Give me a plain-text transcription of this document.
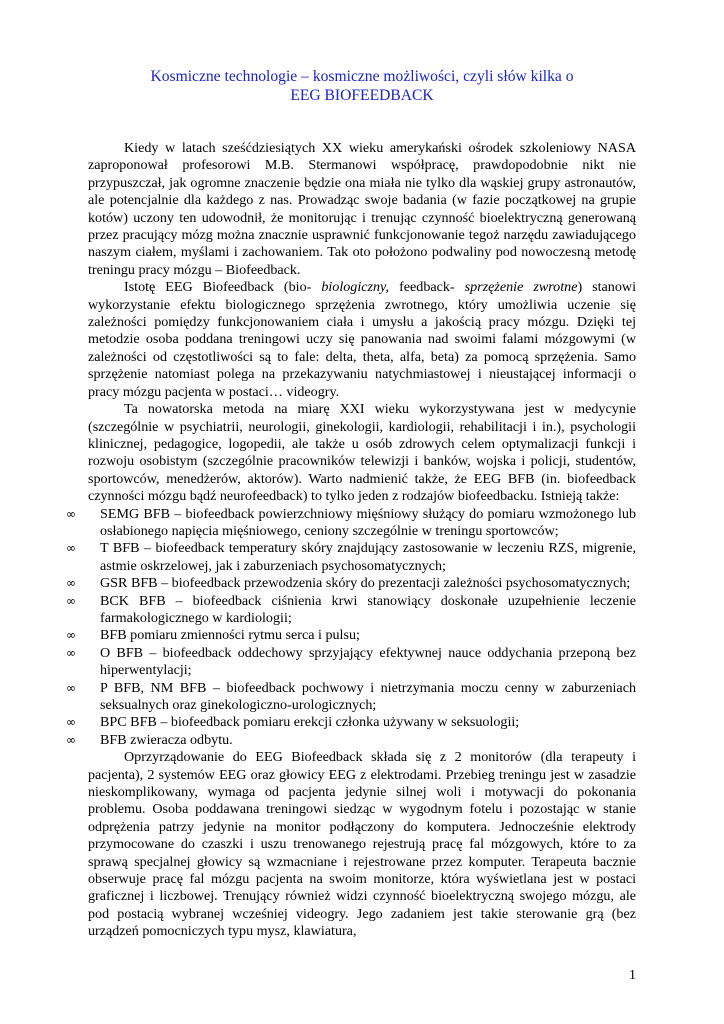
Kosmiczne technologie – kosmiczne możliwości, czyli słów kilka o
EEG BIOFEEDBACK

Kiedy w latach sześćdziesiątych XX wieku amerykański ośrodek szkoleniowy NASA zaproponował profesorowi M.B. Stermanowi współpracę, prawdopodobnie nikt nie przypuszczał, jak ogromne znaczenie będzie ona miała nie tylko dla wąskiej grupy astronautów, ale potencjalnie dla każdego z nas. Prowadząc swoje badania (w fazie początkowej na grupie kotów) uczony ten udowodnił, że monitorując i trenując czynność bioelektryczną generowaną przez pracujący mózg można znacznie usprawnić funkcjonowanie tegoż narzędu zawiadującego naszym ciałem, myślami i zachowaniem. Tak oto położono podwaliny pod nowoczesną metodę treningu pracy mózgu – Biofeedback.

Istotę EEG Biofeedback (bio- biologiczny, feedback- sprzężenie zwrotne) stanowi wykorzystanie efektu biologicznego sprzężenia zwrotnego, który umożliwia uczenie się zależności pomiędzy funkcjonowaniem ciała i umysłu a jakością pracy mózgu. Dzięki tej metodzie osoba poddana treningowi uczy się panowania nad swoimi falami mózgowymi (w zależności od częstotliwości są to fale: delta, theta, alfa, beta) za pomocą sprzężenia. Samo sprzężenie natomiast polega na przekazywaniu natychmiastowej i nieustającej informacji o pracy mózgu pacjenta w postaci… videogry.

Ta nowatorska metoda na miarę XXI wieku wykorzystywana jest w medycynie (szczególnie w psychiatrii, neurologii, ginekologii, kardiologii, rehabilitacji i in.), psychologii klinicznej, pedagogice, logopedii, ale także u osób zdrowych celem optymalizacji funkcji i rozwoju osobistym (szczególnie pracowników telewizji i banków, wojska i policji, studentów, sportowców, menedżerów, aktorów). Warto nadmienić także, że EEG BFB (in. biofeedback czynności mózgu bądź neurofeedback) to tylko jeden z rodzajów biofeedbacku. Istnieją także:

∞ SEMG BFB – biofeedback powierzchniowy mięśniowy służący do pomiaru wzmożonego lub osłabionego napięcia mięśniowego, ceniony szczególnie w treningu sportowców;
∞ T BFB – biofeedback temperatury skóry znajdujący zastosowanie w leczeniu RZS, migrenie, astmie oskrzelowej, jak i zaburzeniach psychosomatycznych;
∞ GSR BFB – biofeedback przewodzenia skóry do prezentacji zależności psychosomatycznych;
∞ BCK BFB – biofeedback ciśnienia krwi stanowiący doskonałe uzupełnienie leczenie farmakologicznego w kardiologii;
∞ BFB pomiaru zmienności rytmu serca i pulsu;
∞ O BFB – biofeedback oddechowy sprzyjający efektywnej nauce oddychania przeponą bez hiperwentylacji;
∞ P BFB, NM BFB – biofeedback pochwowy i nietrzymania moczu cenny w zaburzeniach seksualnych oraz ginekologiczno-urologicznych;
∞ BPC BFB – biofeedback pomiaru erekcji członka używany w seksuologii;
∞ BFB zwieracza odbytu.

Oprzyrządowanie do EEG Biofeedback składa się z 2 monitorów (dla terapeuty i pacjenta), 2 systemów EEG oraz głowicy EEG z elektrodami. Przebieg treningu jest w zasadzie nieskomplikowany, wymaga od pacjenta jedynie silnej woli i motywacji do pokonania problemu. Osoba poddawana treningowi siedząc w wygodnym fotelu i pozostając w stanie odprężenia patrzy jedynie na monitor podłączony do komputera. Jednocześnie elektrody przymocowane do czaszki i uszu trenowanego rejestrują pracę fal mózgowych, które to za sprawą specjalnej głowicy są wzmacniane i rejestrowane przez komputer. Terapeuta bacznie obserwuje pracę fal mózgu pacjenta na swoim monitorze, która wyświetlana jest w postaci graficznej i liczbowej. Trenujący również widzi czynność bioelektryczną swojego mózgu, ale pod postacią wybranej wcześniej videogry. Jego zadaniem jest takie sterowanie grą (bez urządzeń pomocniczych typu mysz, klawiatura,

1
